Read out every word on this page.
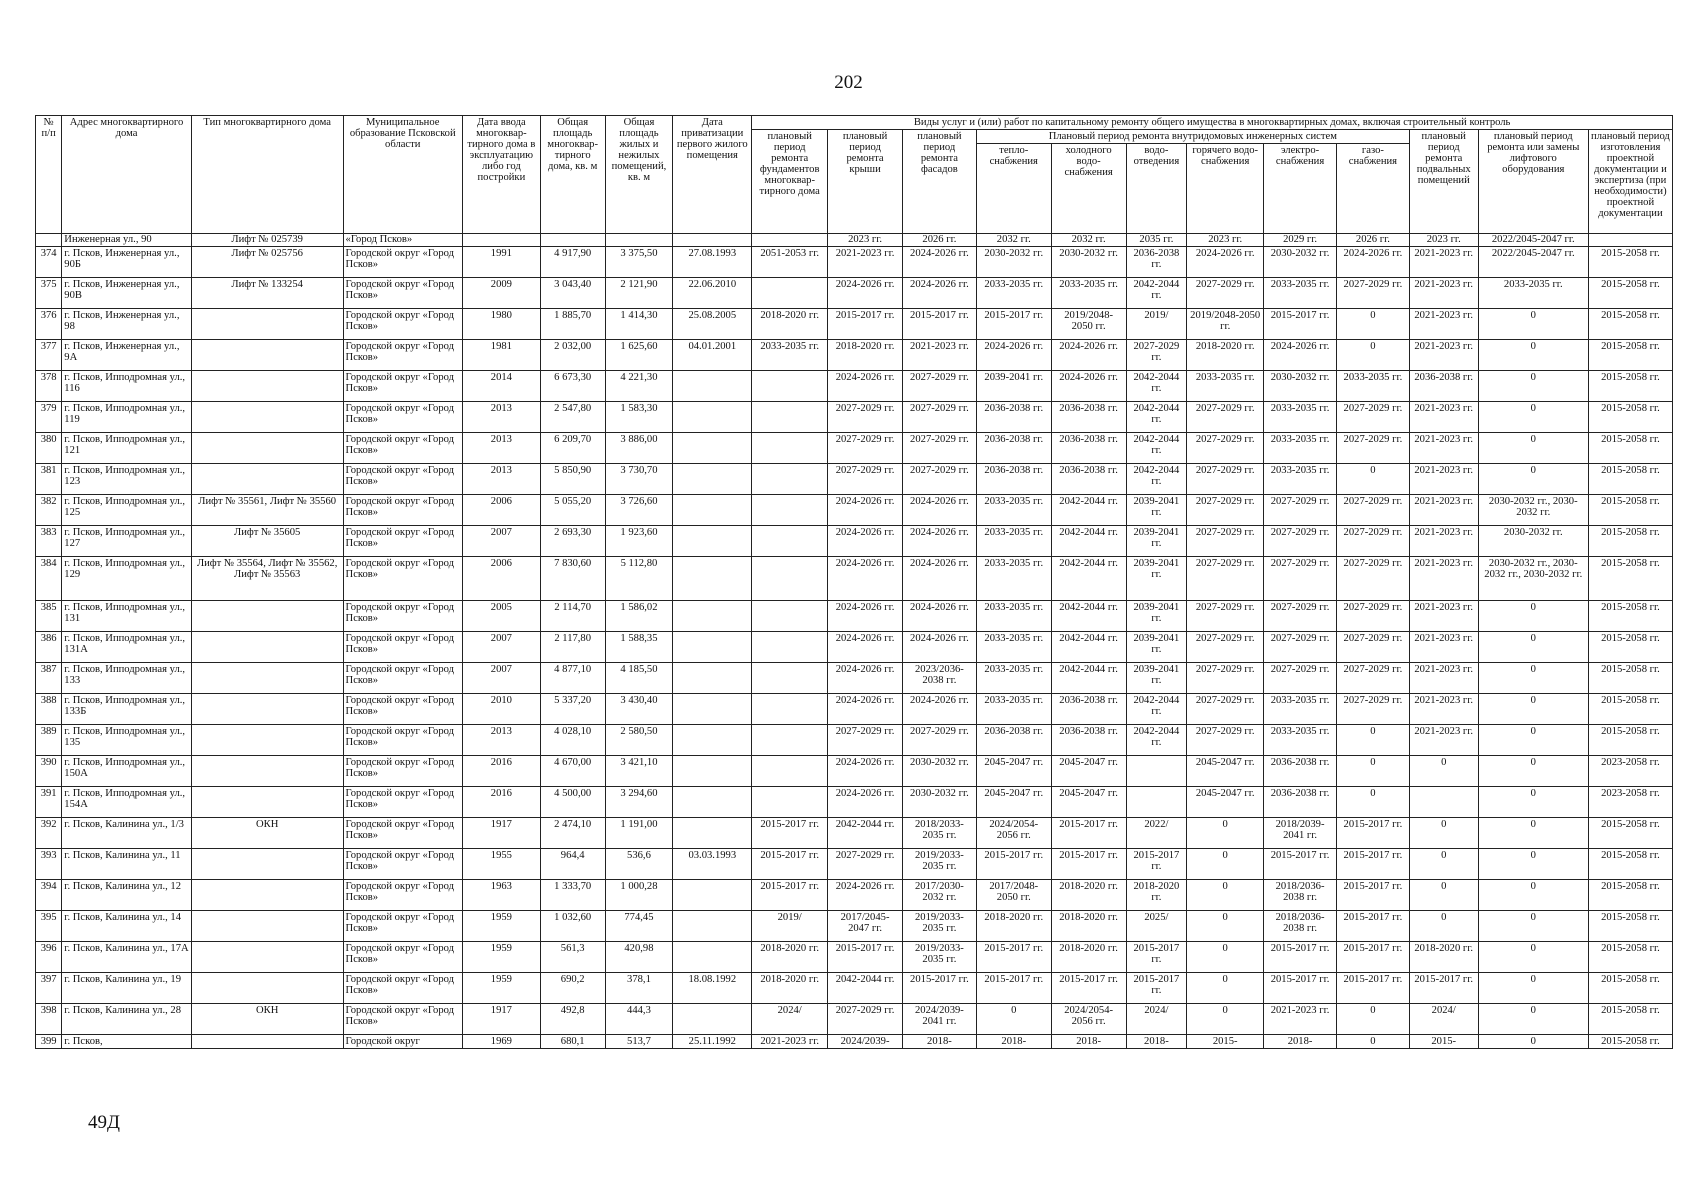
202
№ п/п	Адрес многоквартирного дома	Тип многоквартирного дома	Муниципальное образование Псковской области	Дата ввода многоквар-тирного дома в эксплуатацию либо год постройки	Общая площадь многоквар-тирного дома, кв. м	Общая площадь жилых и нежилых помещений, кв. м	Дата приватизации первого жилого помещения	Виды услуг и (или) работ по капитальному ремонту общего имущества в многоквартирных домах, включая строительный контроль											
								плановый период ремонта фундаментов многоквар-тирного дома	плановый период ремонта крыши	плановый период ремонта фасадов	Плановый период ремонта внутридомовых инженерных систем						плановый период ремонта подвальных помещений	плановый период ремонта или замены лифтового оборудования	плановый период изготовления проектной документации и экспертиза (при необходимости) проектной документации
											тепло-снабжения	холодного водо-снабжения	водо-отведения	горячего водо-снабжения	электро-снабжения	газо-снабжения			
	Инженерная ул., 90	Лифт № 025739	«Город Псков»						2023 гг.	2026 гг.	2032 гг.	2032 гг.	2035 гг.	2023 гг.	2029 гг.	2026 гг.	2023 гг.	2022/2045-2047 гг.	
374	г. Псков, Инженерная ул., 90Б	Лифт № 025756	Городской округ «Город Псков»	1991	4 917,90	3 375,50	27.08.1993	2051-2053 гг.	2021-2023 гг.	2024-2026 гг.	2030-2032 гг.	2030-2032 гг.	2036-2038 гг.	2024-2026 гг.	2030-2032 гг.	2024-2026 гг.	2021-2023 гг.	2022/2045-2047 гг.	2015-2058 гг.
375	г. Псков, Инженерная ул., 90В	Лифт № 133254	Городской округ «Город Псков»	2009	3 043,40	2 121,90	22.06.2010		2024-2026 гг.	2024-2026 гг.	2033-2035 гг.	2033-2035 гг.	2042-2044 гг.	2027-2029 гг.	2033-2035 гг.	2027-2029 гг.	2021-2023 гг.	2033-2035 гг.	2015-2058 гг.
376	г. Псков, Инженерная ул., 98		Городской округ «Город Псков»	1980	1 885,70	1 414,30	25.08.2005	2018-2020 гг.	2015-2017 гг.	2015-2017 гг.	2015-2017 гг.	2019/2048-2050 гг.	2019/	2019/2048-2050 гг.	2015-2017 гг.	0	2021-2023 гг.	0	2015-2058 гг.
377	г. Псков, Инженерная ул., 9А		Городской округ «Город Псков»	1981	2 032,00	1 625,60	04.01.2001	2033-2035 гг.	2018-2020 гг.	2021-2023 гг.	2024-2026 гг.	2024-2026 гг.	2027-2029 гг.	2018-2020 гг.	2024-2026 гг.	0	2021-2023 гг.	0	2015-2058 гг.
378	г. Псков, Ипподромная ул., 116		Городской округ «Город Псков»	2014	6 673,30	4 221,30			2024-2026 гг.	2027-2029 гг.	2039-2041 гг.	2024-2026 гг.	2042-2044 гг.	2033-2035 гг.	2030-2032 гг.	2033-2035 гг.	2036-2038 гг.	0	2015-2058 гг.
379	г. Псков, Ипподромная ул., 119		Городской округ «Город Псков»	2013	2 547,80	1 583,30			2027-2029 гг.	2027-2029 гг.	2036-2038 гг.	2036-2038 гг.	2042-2044 гг.	2027-2029 гг.	2033-2035 гг.	2027-2029 гг.	2021-2023 гг.	0	2015-2058 гг.
380	г. Псков, Ипподромная ул., 121		Городской округ «Город Псков»	2013	6 209,70	3 886,00			2027-2029 гг.	2027-2029 гг.	2036-2038 гг.	2036-2038 гг.	2042-2044 гг.	2027-2029 гг.	2033-2035 гг.	2027-2029 гг.	2021-2023 гг.	0	2015-2058 гг.
381	г. Псков, Ипподромная ул., 123		Городской округ «Город Псков»	2013	5 850,90	3 730,70			2027-2029 гг.	2027-2029 гг.	2036-2038 гг.	2036-2038 гг.	2042-2044 гг.	2027-2029 гг.	2033-2035 гг.	0	2021-2023 гг.	0	2015-2058 гг.
382	г. Псков, Ипподромная ул., 125	Лифт № 35561, Лифт № 35560	Городской округ «Город Псков»	2006	5 055,20	3 726,60			2024-2026 гг.	2024-2026 гг.	2033-2035 гг.	2042-2044 гг.	2039-2041 гг.	2027-2029 гг.	2027-2029 гг.	2027-2029 гг.	2021-2023 гг.	2030-2032 гг., 2030-2032 гг.	2015-2058 гг.
383	г. Псков, Ипподромная ул., 127	Лифт № 35605	Городской округ «Город Псков»	2007	2 693,30	1 923,60			2024-2026 гг.	2024-2026 гг.	2033-2035 гг.	2042-2044 гг.	2039-2041 гг.	2027-2029 гг.	2027-2029 гг.	2027-2029 гг.	2021-2023 гг.	2030-2032 гг.	2015-2058 гг.
384	г. Псков, Ипподромная ул., 129	Лифт № 35564, Лифт № 35562, Лифт № 35563	Городской округ «Город Псков»	2006	7 830,60	5 112,80			2024-2026 гг.	2024-2026 гг.	2033-2035 гг.	2042-2044 гг.	2039-2041 гг.	2027-2029 гг.	2027-2029 гг.	2027-2029 гг.	2021-2023 гг.	2030-2032 гг., 2030-2032 гг., 2030-2032 гг.	2015-2058 гг.
385	г. Псков, Ипподромная ул., 131		Городской округ «Город Псков»	2005	2 114,70	1 586,02			2024-2026 гг.	2024-2026 гг.	2033-2035 гг.	2042-2044 гг.	2039-2041 гг.	2027-2029 гг.	2027-2029 гг.	2027-2029 гг.	2021-2023 гг.	0	2015-2058 гг.
386	г. Псков, Ипподромная ул., 131А		Городской округ «Город Псков»	2007	2 117,80	1 588,35			2024-2026 гг.	2024-2026 гг.	2033-2035 гг.	2042-2044 гг.	2039-2041 гг.	2027-2029 гг.	2027-2029 гг.	2027-2029 гг.	2021-2023 гг.	0	2015-2058 гг.
387	г. Псков, Ипподромная ул., 133		Городской округ «Город Псков»	2007	4 877,10	4 185,50			2024-2026 гг.	2023/2036-2038 гг.	2033-2035 гг.	2042-2044 гг.	2039-2041 гг.	2027-2029 гг.	2027-2029 гг.	2027-2029 гг.	2021-2023 гг.	0	2015-2058 гг.
388	г. Псков, Ипподромная ул., 133Б		Городской округ «Город Псков»	2010	5 337,20	3 430,40			2024-2026 гг.	2024-2026 гг.	2033-2035 гг.	2036-2038 гг.	2042-2044 гг.	2027-2029 гг.	2033-2035 гг.	2027-2029 гг.	2021-2023 гг.	0	2015-2058 гг.
389	г. Псков, Ипподромная ул., 135		Городской округ «Город Псков»	2013	4 028,10	2 580,50			2027-2029 гг.	2027-2029 гг.	2036-2038 гг.	2036-2038 гг.	2042-2044 гг.	2027-2029 гг.	2033-2035 гг.	0	2021-2023 гг.	0	2015-2058 гг.
390	г. Псков, Ипподромная ул., 150А		Городской округ «Город Псков»	2016	4 670,00	3 421,10			2024-2026 гг.	2030-2032 гг.	2045-2047 гг.	2045-2047 гг.		2045-2047 гг.	2036-2038 гг.	0	0	0	2023-2058 гг.
391	г. Псков, Ипподромная ул., 154А		Городской округ «Город Псков»	2016	4 500,00	3 294,60			2024-2026 гг.	2030-2032 гг.	2045-2047 гг.	2045-2047 гг.		2045-2047 гг.	2036-2038 гг.	0		0	2023-2058 гг.
392	г. Псков, Калинина ул., 1/3	ОКН	Городской округ «Город Псков»	1917	2 474,10	1 191,00		2015-2017 гг.	2042-2044 гг.	2018/2033-2035 гг.	2024/2054-2056 гг.	2015-2017 гг.	2022/	0	2018/2039-2041 гг.	2015-2017 гг.	0	0	2015-2058 гг.
393	г. Псков, Калинина ул., 11		Городской округ «Город Псков»	1955	964,4	536,6	03.03.1993	2015-2017 гг.	2027-2029 гг.	2019/2033-2035 гг.	2015-2017 гг.	2015-2017 гг.	2015-2017 гг.	0	2015-2017 гг.	2015-2017 гг.	0	0	2015-2058 гг.
394	г. Псков, Калинина ул., 12		Городской округ «Город Псков»	1963	1 333,70	1 000,28		2015-2017 гг.	2024-2026 гг.	2017/2030-2032 гг.	2017/2048-2050 гг.	2018-2020 гг.	2018-2020 гг.	0	2018/2036-2038 гг.	2015-2017 гг.	0	0	2015-2058 гг.
395	г. Псков, Калинина ул., 14		Городской округ «Город Псков»	1959	1 032,60	774,45		2019/	2017/2045-2047 гг.	2019/2033-2035 гг.	2018-2020 гг.	2018-2020 гг.	2025/	0	2018/2036-2038 гг.	2015-2017 гг.	0	0	2015-2058 гг.
396	г. Псков, Калинина ул., 17А		Городской округ «Город Псков»	1959	561,3	420,98		2018-2020 гг.	2015-2017 гг.	2019/2033-2035 гг.	2015-2017 гг.	2018-2020 гг.	2015-2017 гг.	0	2015-2017 гг.	2015-2017 гг.	2018-2020 гг.	0	2015-2058 гг.
397	г. Псков, Калинина ул., 19		Городской округ «Город Псков»	1959	690,2	378,1	18.08.1992	2018-2020 гг.	2042-2044 гг.	2015-2017 гг.	2015-2017 гг.	2015-2017 гг.	2015-2017 гг.	0	2015-2017 гг.	2015-2017 гг.	2015-2017 гг.	0	2015-2058 гг.
398	г. Псков, Калинина ул., 28	ОКН	Городской округ «Город Псков»	1917	492,8	444,3		2024/	2027-2029 гг.	2024/2039-2041 гг.	0	2024/2054-2056 гг.	2024/	0	2021-2023 гг.	0	2024/	0	2015-2058 гг.
399	г. Псков,		Городской округ	1969	680,1	513,7	25.11.1992	2021-2023 гг.	2024/2039-	2018-	2018-	2018-	2018-	2015-	2018-	0	2015-	0	2015-2058 гг.
49Д
